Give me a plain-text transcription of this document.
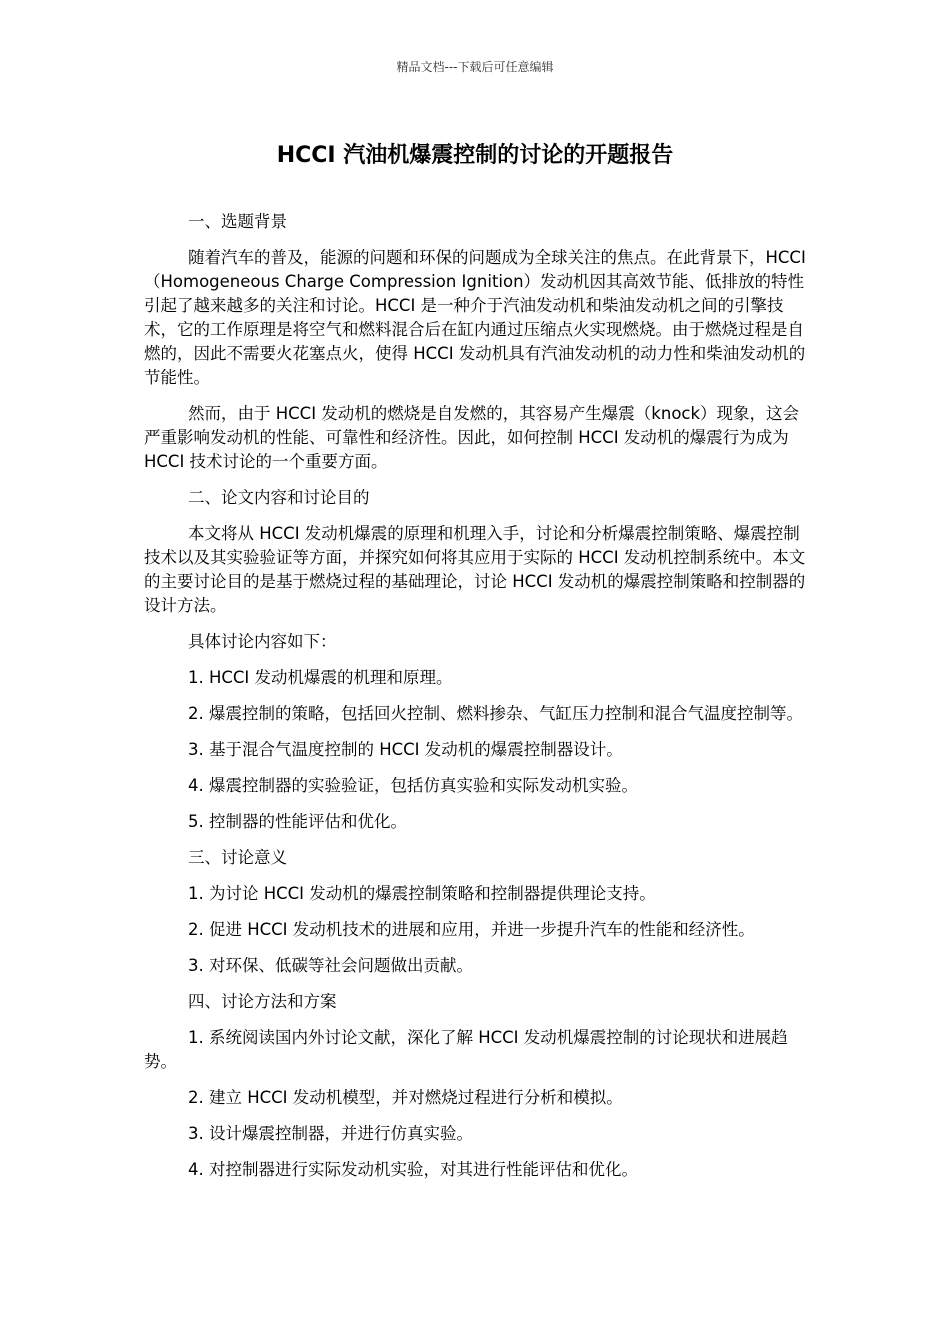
精品文档---下载后可任意编辑
HCCI 汽油机爆震控制的讨论的开题报告

一、选题背景

随着汽车的普及，能源的问题和环保的问题成为全球关注的焦点。在此背景下，HCCI（Homogeneous Charge Compression Ignition）发动机因其高效节能、低排放的特性引起了越来越多的关注和讨论。HCCI 是一种介于汽油发动机和柴油发动机之间的引擎技术，它的工作原理是将空气和燃料混合后在缸内通过压缩点火实现燃烧。由于燃烧过程是自燃的，因此不需要火花塞点火，使得 HCCI 发动机具有汽油发动机的动力性和柴油发动机的节能性。

然而，由于 HCCI 发动机的燃烧是自发燃的，其容易产生爆震（knock）现象，这会严重影响发动机的性能、可靠性和经济性。因此，如何控制 HCCI 发动机的爆震行为成为 HCCI 技术讨论的一个重要方面。

二、论文内容和讨论目的

本文将从 HCCI 发动机爆震的原理和机理入手，讨论和分析爆震控制策略、爆震控制技术以及其实验验证等方面，并探究如何将其应用于实际的 HCCI 发动机控制系统中。本文的主要讨论目的是基于燃烧过程的基础理论，讨论 HCCI 发动机的爆震控制策略和控制器的设计方法。

具体讨论内容如下：

1. HCCI 发动机爆震的机理和原理。

2. 爆震控制的策略，包括回火控制、燃料掺杂、气缸压力控制和混合气温度控制等。

3. 基于混合气温度控制的 HCCI 发动机的爆震控制器设计。

4. 爆震控制器的实验验证，包括仿真实验和实际发动机实验。

5. 控制器的性能评估和优化。

三、讨论意义

1. 为讨论 HCCI 发动机的爆震控制策略和控制器提供理论支持。

2. 促进 HCCI 发动机技术的进展和应用，并进一步提升汽车的性能和经济性。

3. 对环保、低碳等社会问题做出贡献。

四、讨论方法和方案

1. 系统阅读国内外讨论文献，深化了解 HCCI 发动机爆震控制的讨论现状和进展趋势。

2. 建立 HCCI 发动机模型，并对燃烧过程进行分析和模拟。

3. 设计爆震控制器，并进行仿真实验。

4. 对控制器进行实际发动机实验，对其进行性能评估和优化。
